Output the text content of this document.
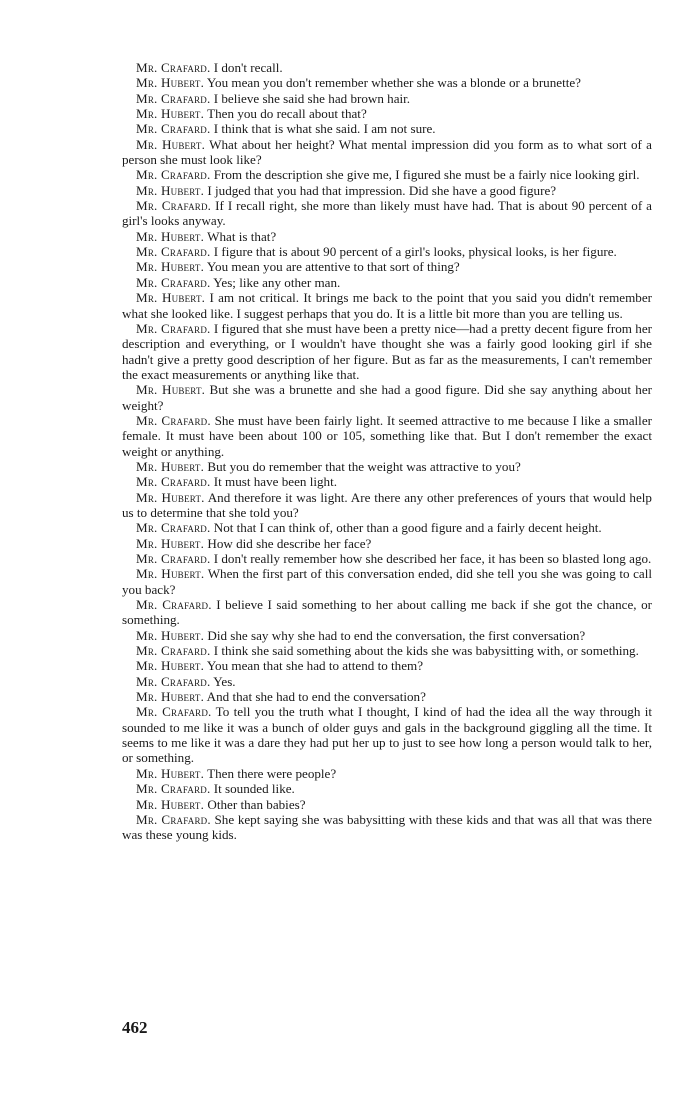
Mr. Crafard. I don't recall.

Mr. Hubert. You mean you don't remember whether she was a blonde or a brunette?

Mr. Crafard. I believe she said she had brown hair.

Mr. Hubert. Then you do recall about that?

Mr. Crafard. I think that is what she said. I am not sure.

Mr. Hubert. What about her height? What mental impression did you form as to what sort of a person she must look like?

Mr. Crafard. From the description she give me, I figured she must be a fairly nice looking girl.

Mr. Hubert. I judged that you had that impression. Did she have a good figure?

Mr. Crafard. If I recall right, she more than likely must have had. That is about 90 percent of a girl's looks anyway.

Mr. Hubert. What is that?

Mr. Crafard. I figure that is about 90 percent of a girl's looks, physical looks, is her figure.

Mr. Hubert. You mean you are attentive to that sort of thing?

Mr. Crafard. Yes; like any other man.

Mr. Hubert. I am not critical. It brings me back to the point that you said you didn't remember what she looked like. I suggest perhaps that you do. It is a little bit more than you are telling us.

Mr. Crafard. I figured that she must have been a pretty nice—had a pretty decent figure from her description and everything, or I wouldn't have thought she was a fairly good looking girl if she hadn't give a pretty good description of her figure. But as far as the measurements, I can't remember the exact measurements or anything like that.

Mr. Hubert. But she was a brunette and she had a good figure. Did she say anything about her weight?

Mr. Crafard. She must have been fairly light. It seemed attractive to me because I like a smaller female. It must have been about 100 or 105, something like that. But I don't remember the exact weight or anything.

Mr. Hubert. But you do remember that the weight was attractive to you?

Mr. Crafard. It must have been light.

Mr. Hubert. And therefore it was light. Are there any other preferences of yours that would help us to determine that she told you?

Mr. Crafard. Not that I can think of, other than a good figure and a fairly decent height.

Mr. Hubert. How did she describe her face?

Mr. Crafard. I don't really remember how she described her face, it has been so blasted long ago.

Mr. Hubert. When the first part of this conversation ended, did she tell you she was going to call you back?

Mr. Crafard. I believe I said something to her about calling me back if she got the chance, or something.

Mr. Hubert. Did she say why she had to end the conversation, the first conversation?

Mr. Crafard. I think she said something about the kids she was babysitting with, or something.

Mr. Hubert. You mean that she had to attend to them?

Mr. Crafard. Yes.

Mr. Hubert. And that she had to end the conversation?

Mr. Crafard. To tell you the truth what I thought, I kind of had the idea all the way through it sounded to me like it was a bunch of older guys and gals in the background giggling all the time. It seems to me like it was a dare they had put her up to just to see how long a person would talk to her, or something.

Mr. Hubert. Then there were people?

Mr. Crafard. It sounded like.

Mr. Hubert. Other than babies?

Mr. Crafard. She kept saying she was babysitting with these kids and that was all that was there was these young kids.

462
